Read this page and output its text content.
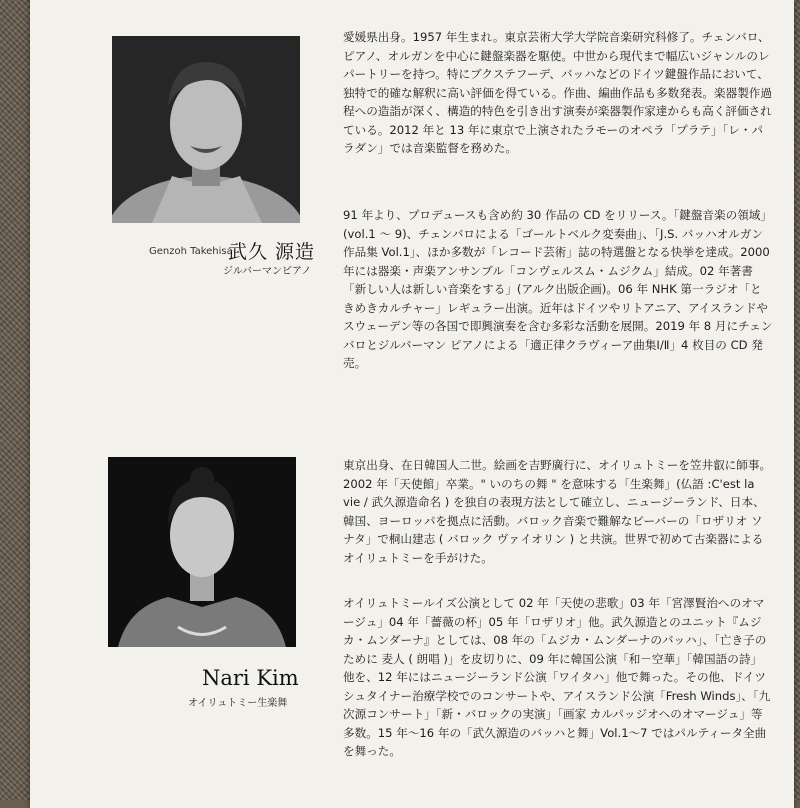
Genzoh Takehisa
武久 源造
ジルバーマンピアノ

愛媛県出身。1957 年生まれ。東京芸術大学大学院音楽研究科修了。チェンバロ、ピアノ、オルガンを中心に鍵盤楽器を駆使。中世から現代まで幅広いジャンルのレパートリーを持つ。特にブクステフーデ、バッハなどのドイツ鍵盤作品において、独特で的確な解釈に高い評価を得ている。作曲、編曲作品も多数発表。楽器製作過程への造詣が深く、構造的特色を引き出す演奏が楽器製作家達からも高く評価されている。2012 年と 13 年に東京で上演されたラモーのオペラ「プラテ」「レ・パラダン」では音楽監督を務めた。

91 年より、プロデュースも含め約 30 作品の CD をリリース。「鍵盤音楽の領域」(vol.1 〜 9)、チェンバロによる「ゴールトベルク変奏曲」、「J.S. バッハオルガン作品集 Vol.1」、ほか多数が「レコード芸術」誌の特選盤となる快挙を達成。2000 年には器楽・声楽アンサンブル「コンヴェルスム・ムジクム」結成。02 年著書「新しい人は新しい音楽をする」(アルク出版企画)。06 年 NHK 第一ラジオ「ときめきカルチャー」レギュラー出演。近年はドイツやリトアニア、アイスランドやスウェーデン等の各国で即興演奏を含む多彩な活動を展開。2019 年 8 月にチェンバロとジルバーマン ピアノによる「適正律クラヴィーア曲集Ⅰ/Ⅱ」4 枚目の CD 発売。

Nari Kim
オイリュトミー生楽舞

東京出身、在日韓国人二世。絵画を吉野廣行に、オイリュトミーを笠井叡に師事。2002 年「天使館」卒業。" いのちの舞 " を意味する「生楽舞」(仏語 :C'est la vie / 武久源造命名 ) を独自の表現方法として確立し、ニュージーランド、日本、韓国、ヨーロッパを拠点に活動。バロック音楽で難解なビーバーの「ロザリオ ソナタ」で桐山建志 ( バロック ヴァイオリン ) と共演。世界で初めて古楽器によるオイリュトミーを手がけた。

オイリュトミールイズ公演として 02 年「天使の悲歌」03 年「宮澤賢治へのオマージュ」04 年「薔薇の杯」05 年「ロザリオ」他。武久源造とのユニット『ムジカ・ムンダーナ』としては、08 年の「ムジカ・ムンダーナのバッハ」、「亡き子のために 麦人 ( 朗唱 )」を皮切りに、09 年に韓国公演「和－空華」「韓国語の詩」他を、12 年にはニュージーランド公演「ワイタハ」他で舞った。その他、ドイツシュタイナー治療学校でのコンサートや、アイスランド公演「Fresh Winds」、「九次源コンサート」「新・バロックの実演」「画家 カルパッジオへのオマージュ」等多数。15 年〜16 年の「武久源造のバッハと舞」Vol.1〜7 ではパルティータ全曲を舞った。
